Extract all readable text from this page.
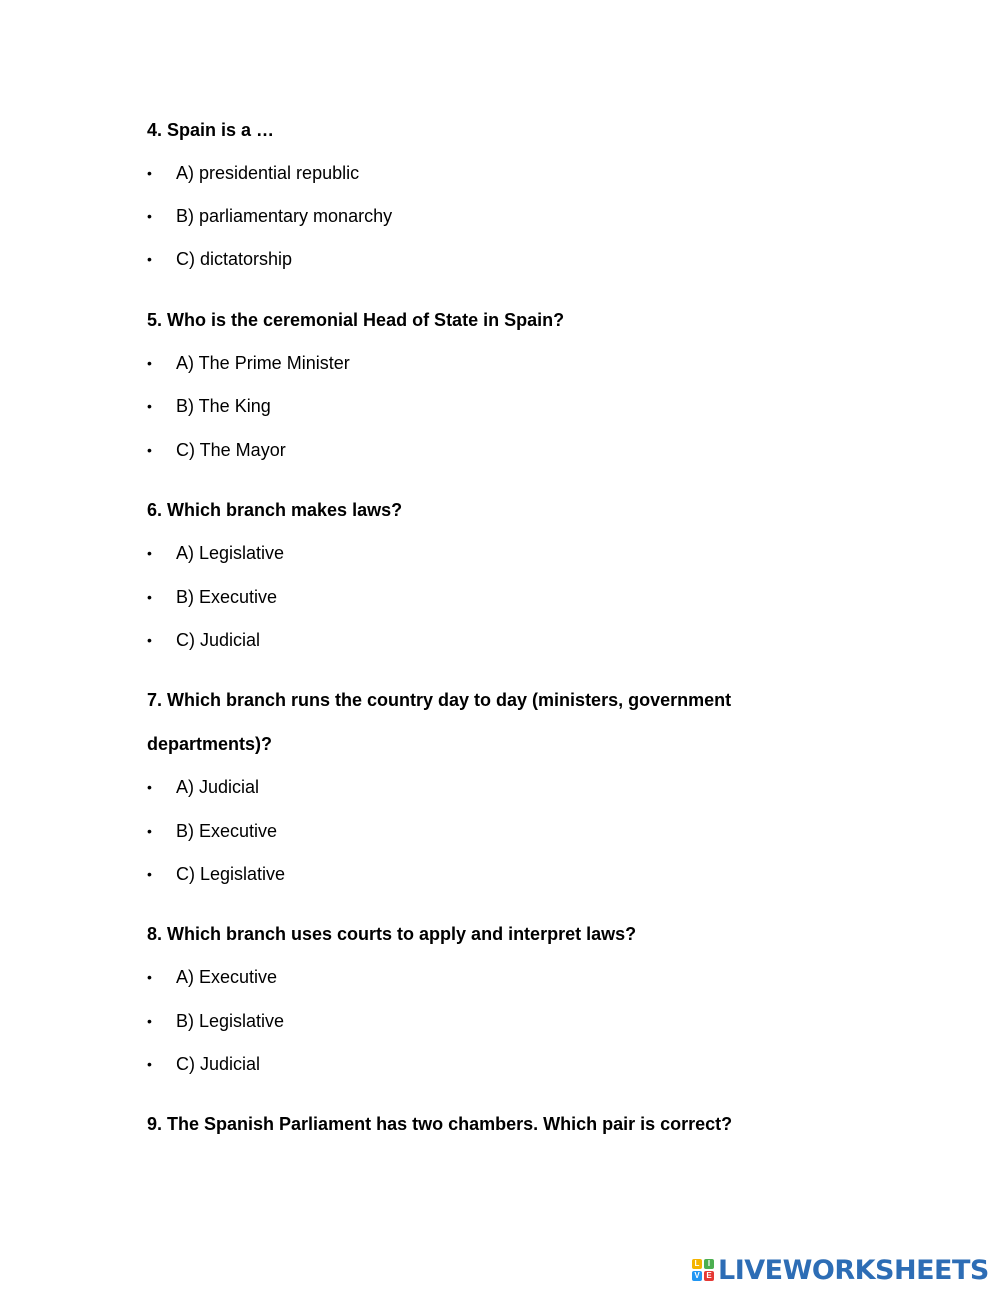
4. Spain is a …
• A) presidential republic
• B) parliamentary monarchy
• C) dictatorship
5. Who is the ceremonial Head of State in Spain?
• A) The Prime Minister
• B) The King
• C) The Mayor
6. Which branch makes laws?
• A) Legislative
• B) Executive
• C) Judicial
7. Which branch runs the country day to day (ministers, government departments)?
• A) Judicial
• B) Executive
• C) Legislative
8. Which branch uses courts to apply and interpret laws?
• A) Executive
• B) Legislative
• C) Judicial
9. The Spanish Parliament has two chambers. Which pair is correct?
L	I
V E LIVEWORKSHEETS
